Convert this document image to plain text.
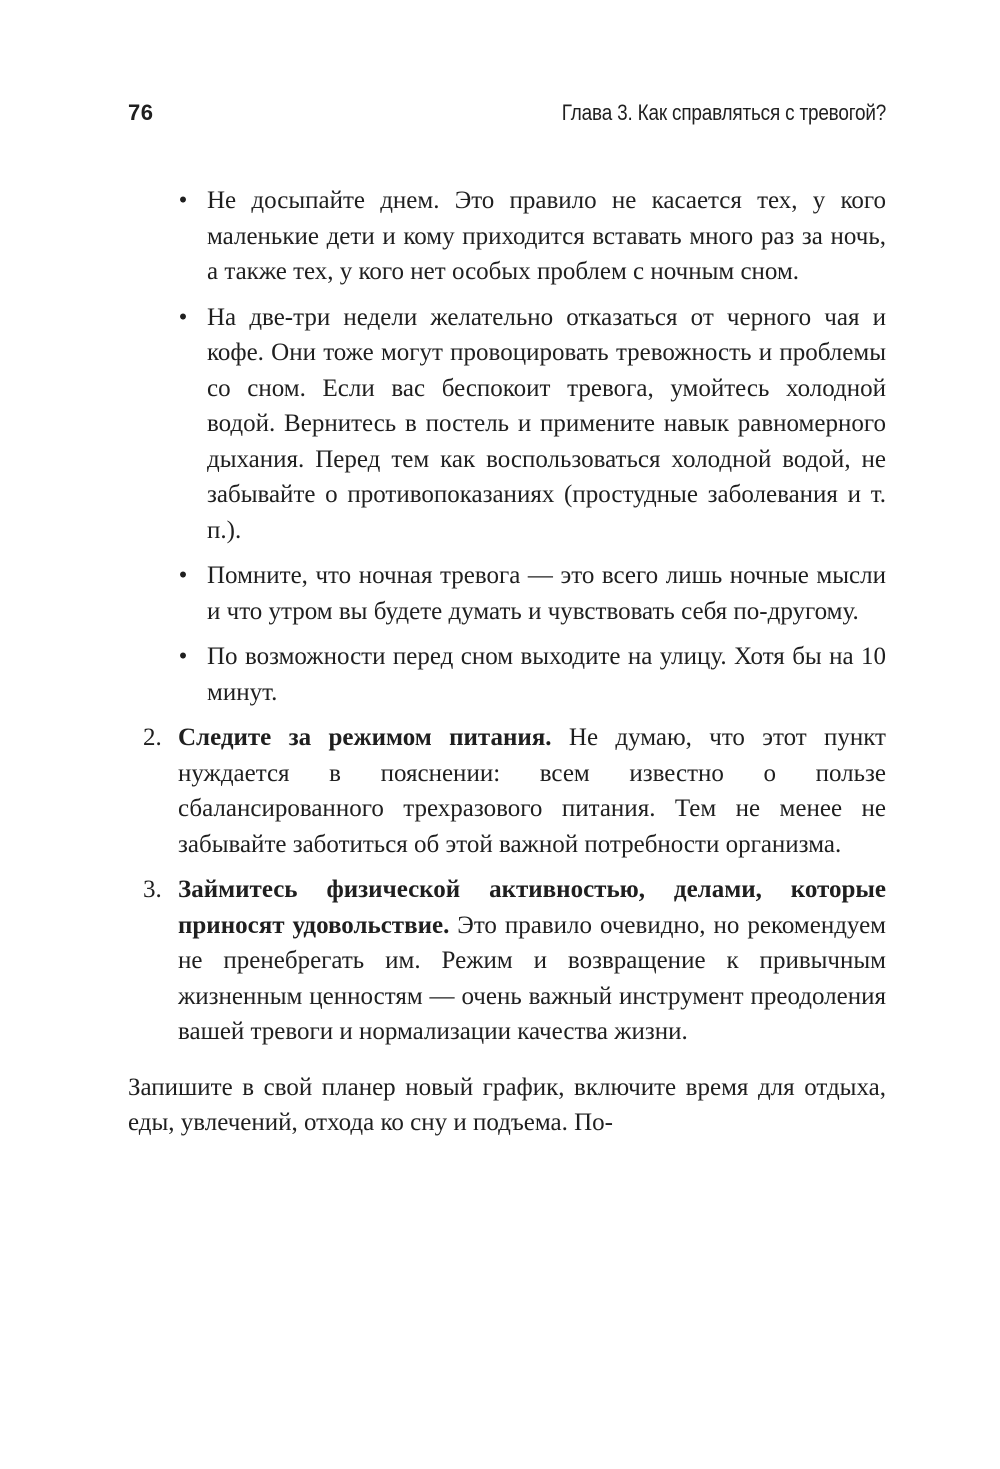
76	Глава 3. Как справляться с тревогой?
• Не досыпайте днем. Это правило не касается тех, у кого маленькие дети и кому приходится вставать много раз за ночь, а также тех, у кого нет особых проблем с ночным сном.
• На две-три недели желательно отказаться от черного чая и кофе. Они тоже могут провоцировать тревожность и проблемы со сном. Если вас беспокоит тревога, умойтесь холодной водой. Вернитесь в постель и примените навык равномерного дыхания. Перед тем как воспользоваться холодной водой, не забывайте о противопоказаниях (простудные заболевания и т. п.).
• Помните, что ночная тревога — это всего лишь ночные мысли и что утром вы будете думать и чувствовать себя по-другому.
• По возможности перед сном выходите на улицу. Хотя бы на 10 минут.
2. Следите за режимом питания. Не думаю, что этот пункт нуждается в пояснении: всем известно о пользе сбалансированного трехразового питания. Тем не менее не забывайте заботиться об этой важной потребности организма.
3. Займитесь физической активностью, делами, которые приносят удовольствие. Это правило очевидно, но рекомендуем не пренебрегать им. Режим и возвращение к привычным жизненным ценностям — очень важный инструмент преодоления вашей тревоги и нормализации качества жизни.

Запишите в свой планер новый график, включите время для отдыха, еды, увлечений, отхода ко сну и подъема. По-
